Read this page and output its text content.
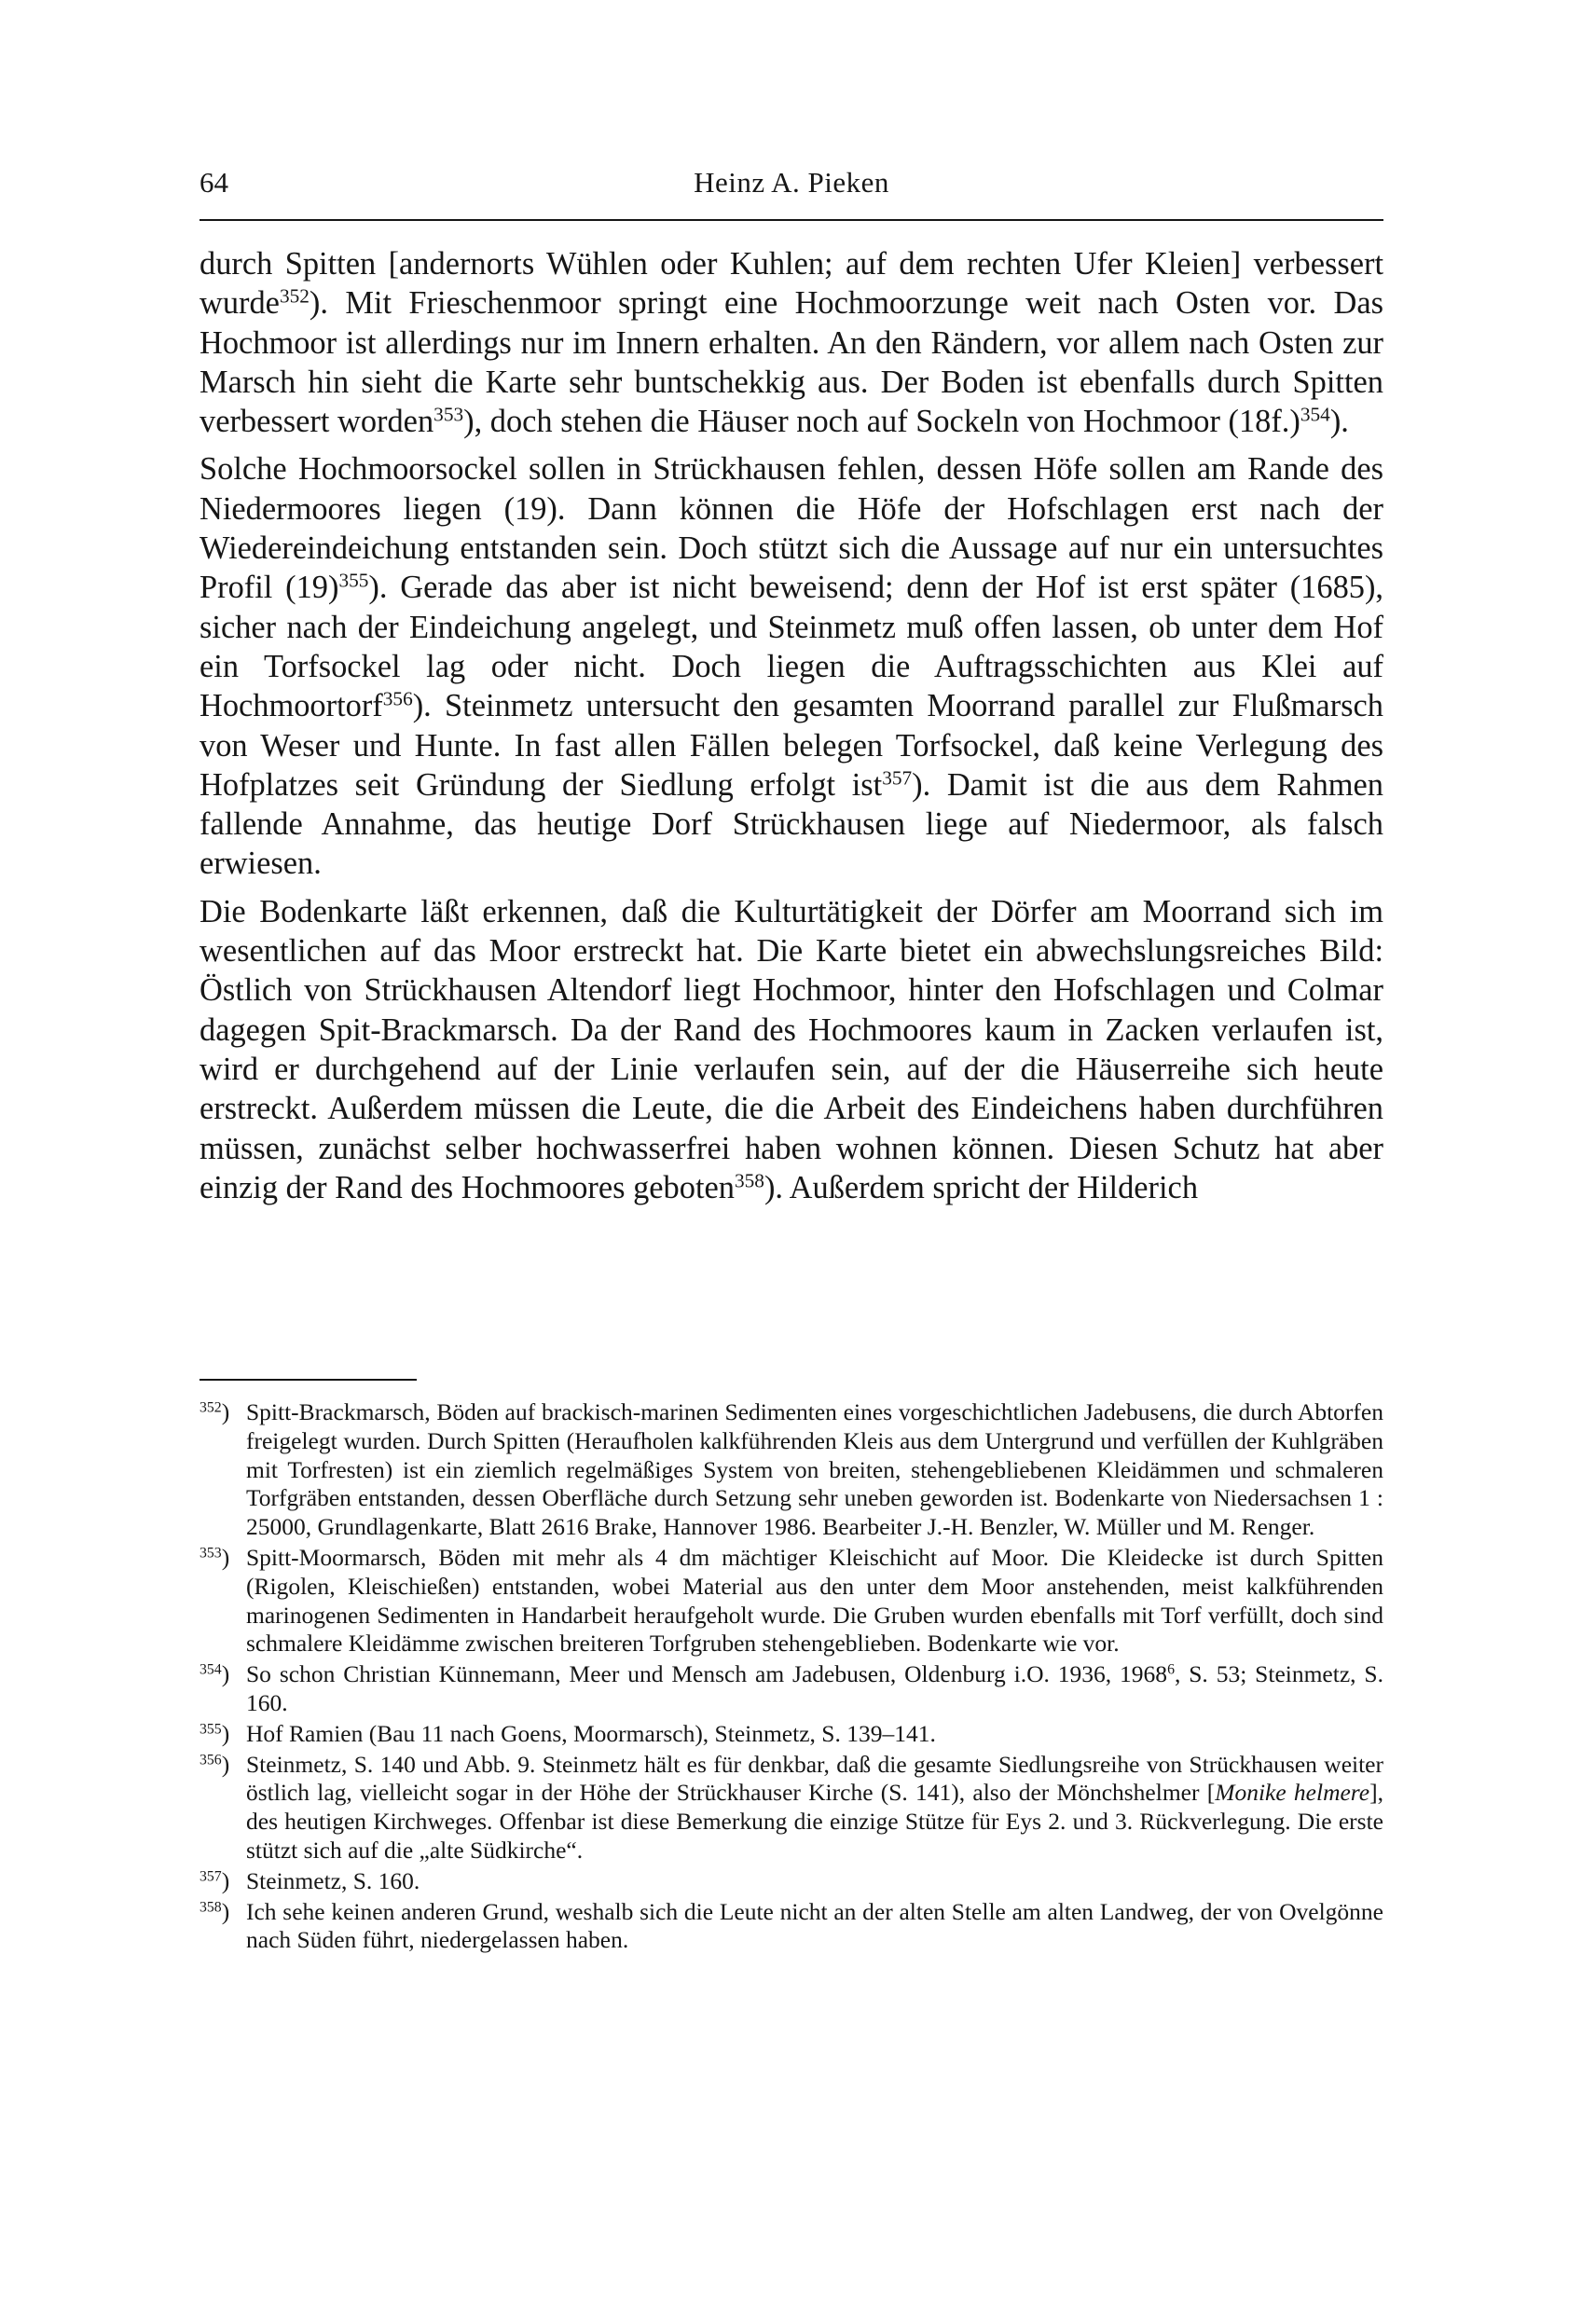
64	Heinz A. Pieken

durch Spitten [andernorts Wühlen oder Kuhlen; auf dem rechten Ufer Kleien] verbessert wurde$^{352}$). Mit Frieschenmoor springt eine Hochmoorzunge weit nach Osten vor. Das Hochmoor ist allerdings nur im Innern erhalten. An den Rändern, vor allem nach Osten zur Marsch hin sieht die Karte sehr buntschekkig aus. Der Boden ist ebenfalls durch Spitten verbessert worden$^{353}$), doch stehen die Häuser noch auf Sockeln von Hochmoor $(18f.)^{354}$).

Solche Hochmoorsockel sollen in Strückhausen fehlen, dessen Höfe sollen am Rande des Niedermoores liegen (19). Dann können die Höfe der Hofschlagen erst nach der Wiedereindeichung entstanden sein. Doch stützt sich die Aussage auf nur ein untersuchtes Profil $(19)^{355}$). Gerade das aber ist nicht beweisend; denn der Hof ist erst später (1685), sicher nach der Eindeichung angelegt, und Steinmetz muß offen lassen, ob unter dem Hof ein Torfsockel lag oder nicht. Doch liegen die Auftragsschichten aus Klei auf Hochmoortorf$^{356}$). Steinmetz untersucht den gesamten Moorrand parallel zur Flußmarsch von Weser und Hunte. In fast allen Fällen belegen Torfsockel, daß keine Verlegung des Hofplatzes seit Gründung der Siedlung erfolgt ist$^{357}$). Damit ist die aus dem Rahmen fallende Annahme, das heutige Dorf Strückhausen liege auf Niedermoor, als falsch erwiesen.

Die Bodenkarte läßt erkennen, daß die Kulturtätigkeit der Dörfer am Moorrand sich im wesentlichen auf das Moor erstreckt hat. Die Karte bietet ein abwechslungsreiches Bild: Östlich von Strückhausen Altendorf liegt Hochmoor, hinter den Hofschlagen und Colmar dagegen Spit-Brackmarsch. Da der Rand des Hochmoores kaum in Zacken verlaufen ist, wird er durchgehend auf der Linie verlaufen sein, auf der die Häuserreihe sich heute erstreckt. Außerdem müssen die Leute, die die Arbeit des Eindeichens haben durchführen müssen, zunächst selber hochwasserfrei haben wohnen können. Diesen Schutz hat aber einzig der Rand des Hochmoores geboten$^{358}$). Außerdem spricht der Hilderich

$^{352}$) Spitt-Brackmarsch, Böden auf brackisch-marinen Sedimenten eines vorgeschichtlichen Jadebusens, die durch Abtorfen freigelegt wurden. Durch Spitten (Heraufholen kalkführenden Kleis aus dem Untergrund und verfüllen der Kuhlgräben mit Torfresten) ist ein ziemlich regelmäßiges System von breiten, stehengebliebenen Kleidämmen und schmaleren Torfgräben entstanden, dessen Oberfläche durch Setzung sehr uneben geworden ist. Bodenkarte von Niedersachsen 1 : 25000, Grundlagenkarte, Blatt 2616 Brake, Hannover 1986. Bearbeiter J.-H. Benzler, W. Müller und M. Renger.
$^{353}$) Spitt-Moormarsch, Böden mit mehr als 4 dm mächtiger Kleischicht auf Moor. Die Kleidecke ist durch Spitten (Rigolen, Kleischießen) entstanden, wobei Material aus den unter dem Moor anstehenden, meist kalkführenden marinogenen Sedimenten in Handarbeit heraufgeholt wurde. Die Gruben wurden ebenfalls mit Torf verfüllt, doch sind schmalere Kleidämme zwischen breiteren Torfgruben stehengeblieben. Bodenkarte wie vor.
$^{354}$) So schon Christian Künnemann, Meer und Mensch am Jadebusen, Oldenburg i.O. 1936, 1968$^6$, S. 53; Steinmetz, S. 160.
$^{355}$) Hof Ramien (Bau 11 nach Goens, Moormarsch), Steinmetz, S. 139–141.
$^{356}$) Steinmetz, S. 140 und Abb. 9. Steinmetz hält es für denkbar, daß die gesamte Siedlungsreihe von Strückhausen weiter östlich lag, vielleicht sogar in der Höhe der Strückhauser Kirche (S. 141), also der Mönchshelmer [Monike helmere], des heutigen Kirchweges. Offenbar ist diese Bemerkung die einzige Stütze für Eys 2. und 3. Rückverlegung. Die erste stützt sich auf die „alte Südkirche“.
$^{357}$) Steinmetz, S. 160.
$^{358}$) Ich sehe keinen anderen Grund, weshalb sich die Leute nicht an der alten Stelle am alten Landweg, der von Ovelgönne nach Süden führt, niedergelassen haben.
